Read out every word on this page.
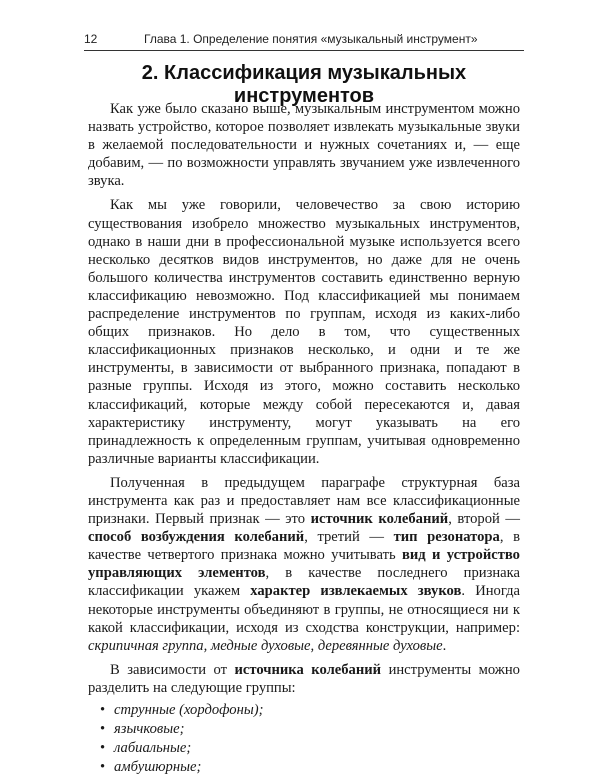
12	Глава 1. Определение понятия «музыкальный инструмент»
2. Классификация музыкальных инструментов

Как уже было сказано выше, музыкальным инструментом можно назвать устройство, которое позволяет извлекать музыкальные звуки в желаемой последовательности и нужных сочетаниях и, — еще добавим, — по возможности управлять звучанием уже извлеченного звука.

Как мы уже говорили, человечество за свою историю существования изобрело множество музыкальных инструментов, однако в наши дни в профессиональной музыке используется всего несколько десятков видов инструментов, но даже для не очень большого количества инструментов составить единственно верную классификацию невозможно. Под классификацией мы понимаем распределение инструментов по группам, исходя из каких-либо общих признаков. Но дело в том, что существенных классификационных признаков несколько, и одни и те же инструменты, в зависимости от выбранного признака, попадают в разные группы. Исходя из этого, можно составить несколько классификаций, которые между собой пересекаются и, давая характеристику инструменту, могут указывать на его принадлежность к определенным группам, учитывая одновременно различные варианты классификации.

Полученная в предыдущем параграфе структурная база инструмента как раз и предоставляет нам все классификационные признаки. Первый признак — это источник колебаний, второй — способ возбуждения колебаний, третий — тип резонатора, в качестве четвертого признака можно учитывать вид и устройство управляющих элементов, в качестве последнего признака классификации укажем характер извлекаемых звуков. Иногда некоторые инструменты объединяют в группы, не относящиеся ни к какой классификации, исходя из сходства конструкции, например: скрипичная группа, медные духовые, деревянные духовые.

В зависимости от источника колебаний инструменты можно разделить на следующие группы:

• струнные (хордофоны);
• язычковые;
• лабиальные;
• амбушюрные;
